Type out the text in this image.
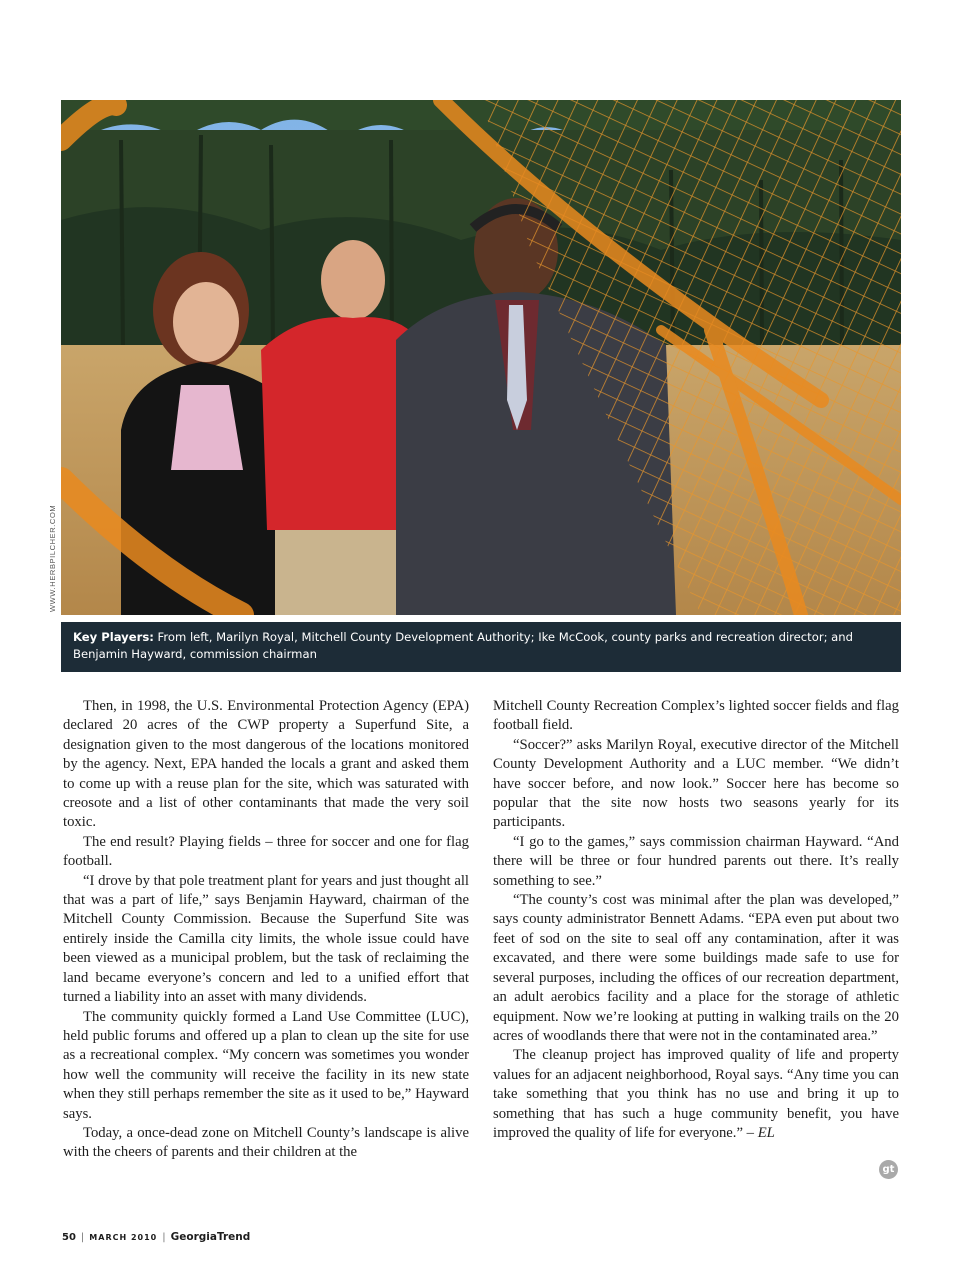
WWW.HERBPILCHER.COM
Key Players: From left, Marilyn Royal, Mitchell County Development Authority; Ike McCook, county parks and recreation director; and Benjamin Hayward, commission chairman

Then, in 1998, the U.S. Environmental Protection Agency (EPA) declared 20 acres of the CWP property a Superfund Site, a designation given to the most dangerous of the locations monitored by the agency. Next, EPA handed the locals a grant and asked them to come up with a reuse plan for the site, which was saturated with creosote and a list of other contaminants that made the very soil toxic.

The end result? Playing fields – three for soccer and one for flag football.

“I drove by that pole treatment plant for years and just thought all that was a part of life,” says Benjamin Hayward, chairman of the Mitchell County Commission. Because the Superfund Site was entirely inside the Camilla city limits, the whole issue could have been viewed as a municipal problem, but the task of reclaiming the land became everyone’s concern and led to a unified effort that turned a liability into an asset with many dividends.

The community quickly formed a Land Use Committee (LUC), held public forums and offered up a plan to clean up the site for use as a recreational complex. “My concern was sometimes you wonder how well the community will receive the facility in its new state when they still perhaps remember the site as it used to be,” Hayward says.

Today, a once-dead zone on Mitchell County’s landscape is alive with the cheers of parents and their children at the

Mitchell County Recreation Complex’s lighted soccer fields and flag football field.

“Soccer?” asks Marilyn Royal, executive director of the Mitchell County Development Authority and a LUC member. “We didn’t have soccer before, and now look.” Soccer here has become so popular that the site now hosts two seasons yearly for its participants.

“I go to the games,” says commission chairman Hayward. “And there will be three or four hundred parents out there. It’s really something to see.”

“The county’s cost was minimal after the plan was developed,” says county administrator Bennett Adams. “EPA even put about two feet of sod on the site to seal off any contamination, after it was excavated, and there were some buildings made safe to use for several purposes, including the offices of our recreation department, an adult aerobics facility and a place for the storage of athletic equipment. Now we’re looking at putting in walking trails on the 20 acres of woodlands there that were not in the contaminated area.”

The cleanup project has improved quality of life and property values for an adjacent neighborhood, Royal says. “Any time you can take something that you think has no use and bring it up to something that has such a huge community benefit, you have improved the quality of life for everyone.” – EL

gt
50 | MARCH 2010 | GeorgiaTrend
